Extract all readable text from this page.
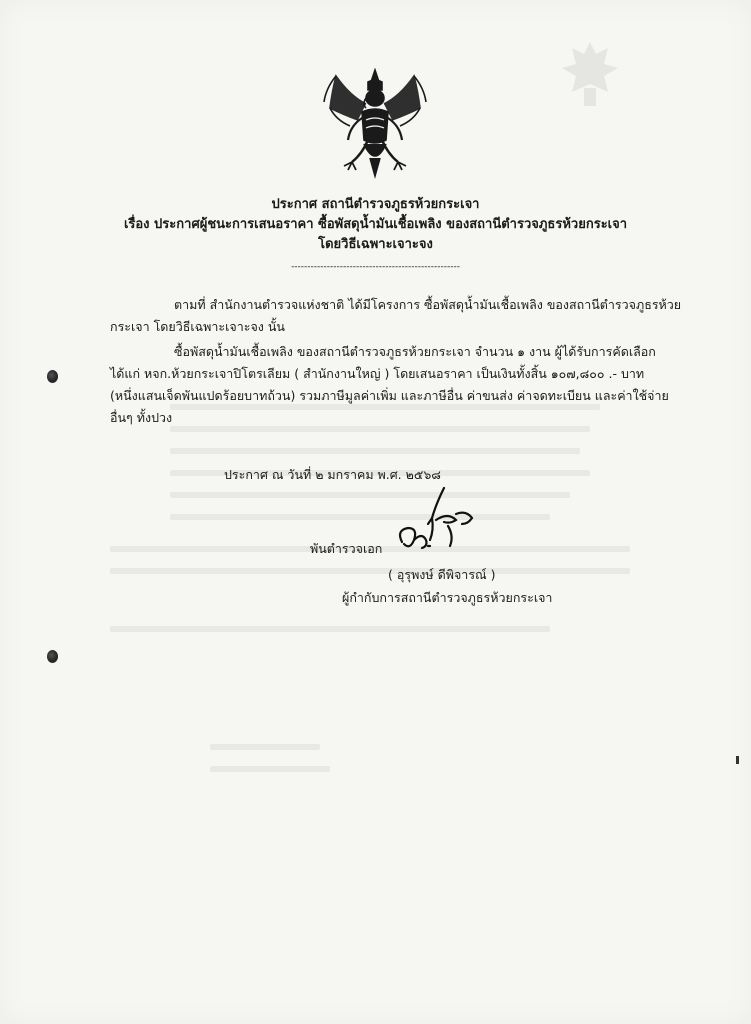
ประกาศ สถานีตำรวจภูธรห้วยกระเจา
เรื่อง ประกาศผู้ชนะการเสนอราคา ซื้อพัสดุน้ำมันเชื้อเพลิง ของสถานีตำรวจภูธรห้วยกระเจา
โดยวิธีเฉพาะเจาะจง
----------------------------------------------------
ตามที่ สำนักงานตำรวจแห่งชาติ ได้มีโครงการ ซื้อพัสดุน้ำมันเชื้อเพลิง ของสถานีตำรวจภูธรห้วย
กระเจา โดยวิธีเฉพาะเจาะจง นั้น
ซื้อพัสดุน้ำมันเชื้อเพลิง ของสถานีตำรวจภูธรห้วยกระเจา จำนวน ๑ งาน ผู้ได้รับการคัดเลือก
ได้แก่ หจก.ห้วยกระเจาปิโตรเลียม ( สำนักงานใหญ่ ) โดยเสนอราคา เป็นเงินทั้งสิ้น ๑๐๗,๘๐๐ .- บาท
(หนึ่งแสนเจ็ดพันแปดร้อยบาทถ้วน) รวมภาษีมูลค่าเพิ่ม และภาษีอื่น ค่าขนส่ง ค่าจดทะเบียน และค่าใช้จ่าย
อื่นๆ ทั้งปวง
ประกาศ ณ วันที่ ๒ มกราคม พ.ศ. ๒๕๖๘
พันตำรวจเอก
( อุรุพงษ์ ดีพิจารณ์ )
ผู้กำกับการสถานีตำรวจภูธรห้วยกระเจา
